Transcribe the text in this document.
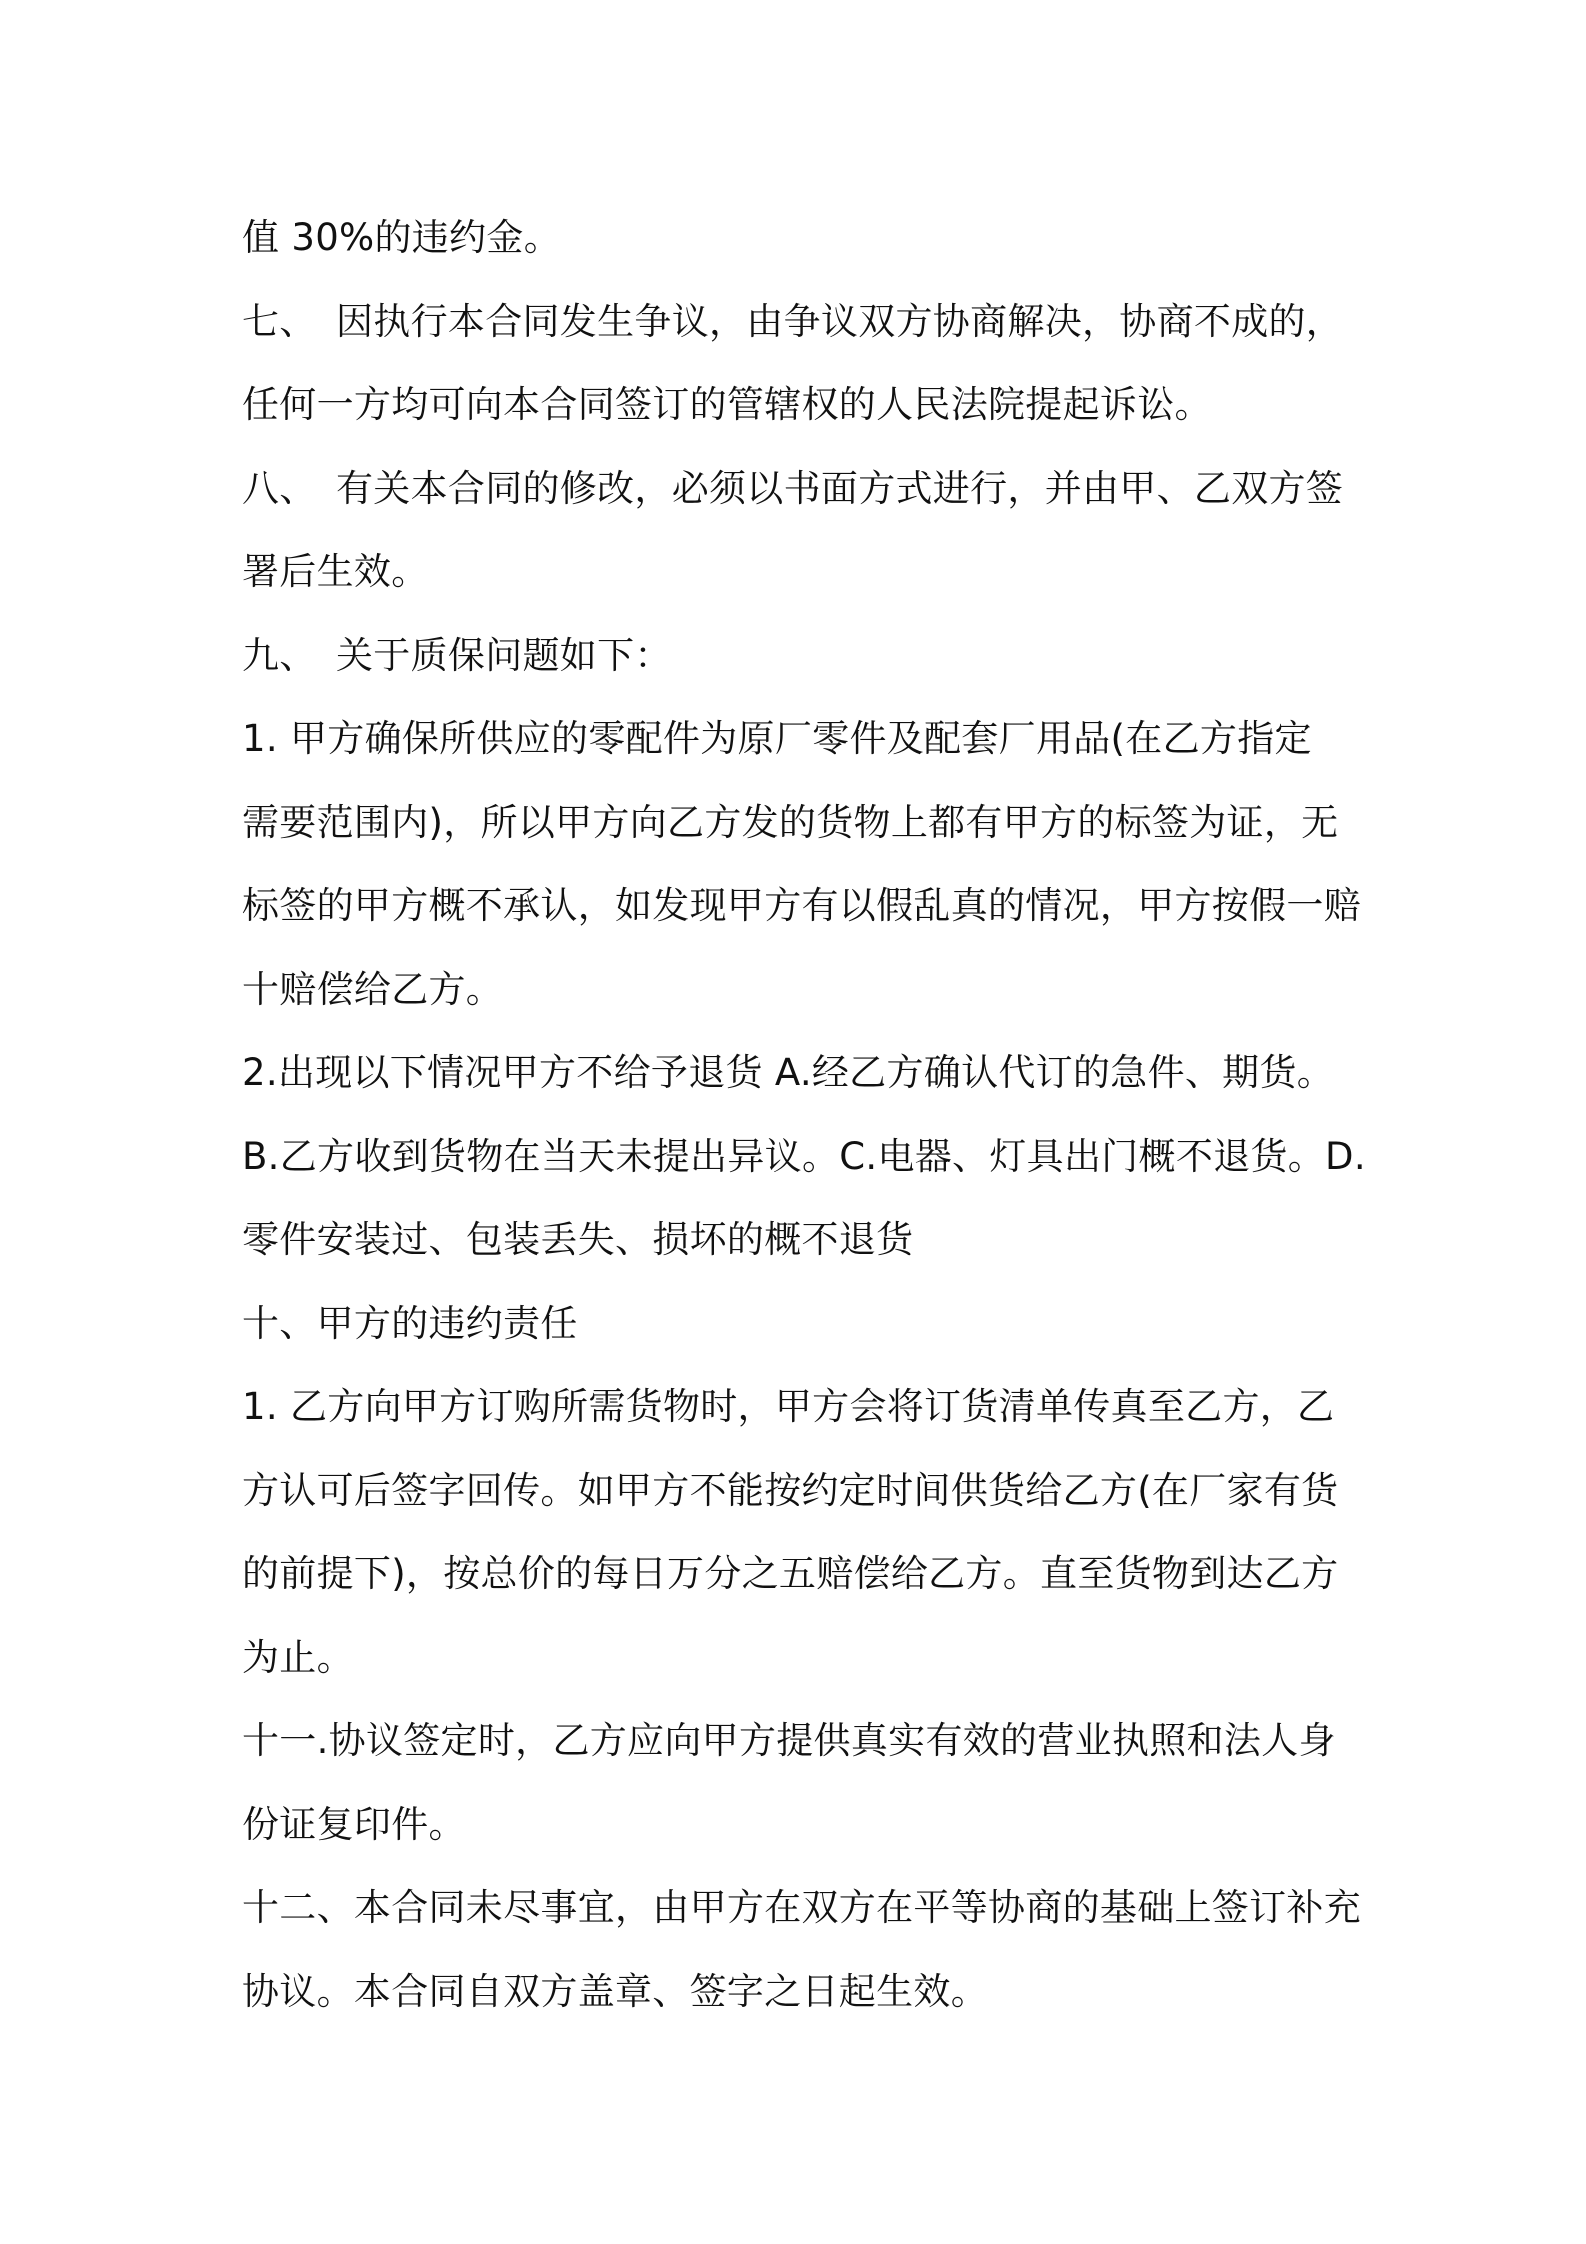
值 30%的违约金。
七、 因执行本合同发生争议，由争议双方协商解决，协商不成的，
任何一方均可向本合同签订的管辖权的人民法院提起诉讼。
八、 有关本合同的修改，必须以书面方式进行，并由甲、乙双方签
署后生效。
九、 关于质保问题如下：
1. 甲方确保所供应的零配件为原厂零件及配套厂用品(在乙方指定
需要范围内)，所以甲方向乙方发的货物上都有甲方的标签为证，无
标签的甲方概不承认，如发现甲方有以假乱真的情况，甲方按假一赔
十赔偿给乙方。
2.出现以下情况甲方不给予退货 A.经乙方确认代订的急件、期货。
B.乙方收到货物在当天未提出异议。C.电器、灯具出门概不退货。D.
零件安装过、包装丢失、损坏的概不退货
十、甲方的违约责任
1. 乙方向甲方订购所需货物时，甲方会将订货清单传真至乙方，乙
方认可后签字回传。如甲方不能按约定时间供货给乙方(在厂家有货
的前提下)，按总价的每日万分之五赔偿给乙方。直至货物到达乙方
为止。
十一.协议签定时，乙方应向甲方提供真实有效的营业执照和法人身
份证复印件。
十二、本合同未尽事宜，由甲方在双方在平等协商的基础上签订补充
协议。本合同自双方盖章、签字之日起生效。
